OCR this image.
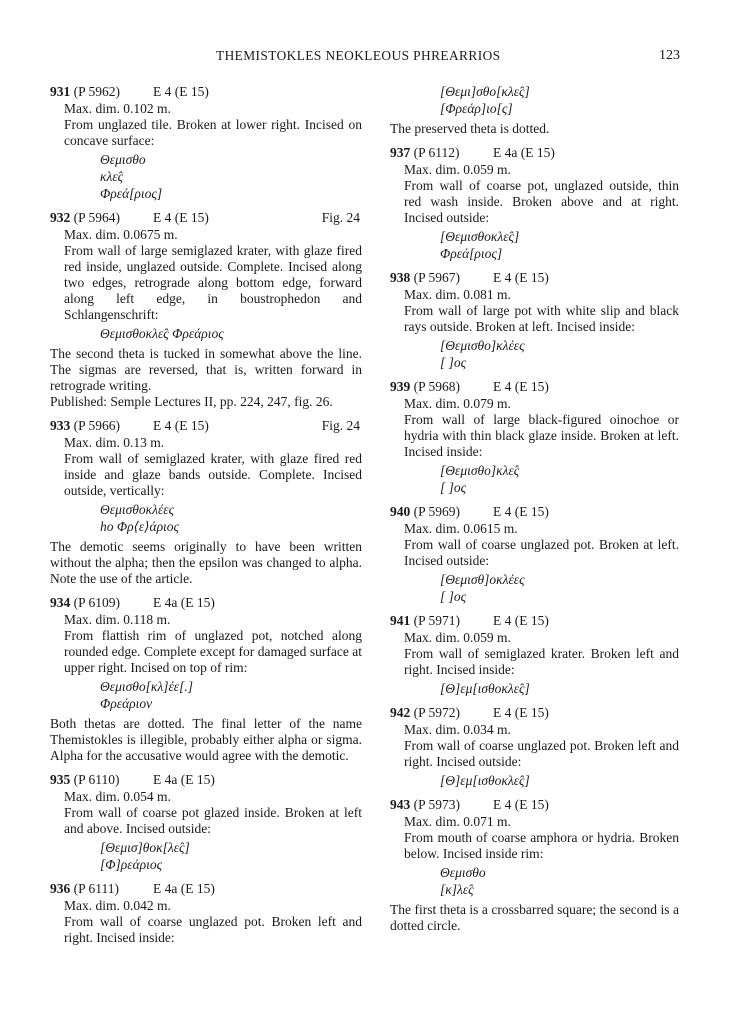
THEMISTOKLES NEOKLEOUS PHREARRIOS	123
931 (P 5962) E 4 (E 15)

Max. dim. 0.102 m.

From unglazed tile. Broken at lower right. Incised on concave surface:

Θεμισθο
κλε̂ς
Φρεά[ριος]
932 (P 5964) E 4 (E 15)	Fig. 24

Max. dim. 0.0675 m.

From wall of large semiglazed krater, with glaze fired red inside, unglazed outside. Complete. Incised along two edges, retrograde along bottom edge, forward along left edge, in boustrophedon and Schlangenschrift:

Θεμισθοκλε̂ς Φρεάριος

The second theta is tucked in somewhat above the line. The sigmas are reversed, that is, written forward in retrograde writing.

Published: Semple Lectures II, pp. 224, 247, fig. 26.

933 (P 5966) E 4 (E 15)	Fig. 24

Max. dim. 0.13 m.

From wall of semiglazed krater, with glaze fired red inside and glaze bands outside. Complete. Incised outside, vertically:

Θεμισθοκλέες
ho Φρ⟨ε⟩άριος

The demotic seems originally to have been written without the alpha; then the epsilon was changed to alpha. Note the use of the article.

934 (P 6109) E 4a (E 15)

Max. dim. 0.118 m.

From flattish rim of unglazed pot, notched along rounded edge. Complete except for damaged surface at upper right. Incised on top of rim:

Θεμισθο[κλ]έε[.]
Φρεάριον

Both thetas are dotted. The final letter of the name Themistokles is illegible, probably either alpha or sigma. Alpha for the accusative would agree with the demotic.

935 (P 6110) E 4a (E 15)

Max. dim. 0.054 m.

From wall of coarse pot glazed inside. Broken at left and above. Incised outside:

[Θεμισ]θοκ[λε̂ς]
[Φ]ρεάριος
936 (P 6111)	E 4a (E 15)

Max. dim. 0.042 m.

From wall of coarse unglazed pot. Broken left and right. Incised inside:

[Θεμι]σθο[κλε̂ς]
[Φρεάρ]ιο[ς]

The preserved theta is dotted.

937 (P 6112) E 4a (E 15)

Max. dim. 0.059 m.

From wall of coarse pot, unglazed outside, thin red wash inside. Broken above and at right. Incised outside:

[Θεμισθοκλε̂ς]
Φρεά[ριος]
938 (P 5967) E 4 (E 15)

Max. dim. 0.081 m.

From wall of large pot with white slip and black rays outside. Broken at left. Incised inside:

[Θεμισθο]κλέες
[ ]ος
939 (P 5968) E 4 (E 15)

Max. dim. 0.079 m.

From wall of large black-figured oinochoe or hydria with thin black glaze inside. Broken at left. Incised inside:

[Θεμισθο]κλε̂ς
[ ]ος
940 (P 5969) E 4 (E 15)

Max. dim. 0.0615 m.

From wall of coarse unglazed pot. Broken at left. Incised outside:

[Θεμισθ]οκλέες
[ ]ος
941 (P 5971) E 4 (E 15)

Max. dim. 0.059 m.

From wall of semiglazed krater. Broken left and right. Incised inside:

[Θ]εμ[ισθοκλε̂ς]
942 (P 5972) E 4 (E 15)

Max. dim. 0.034 m.

From wall of coarse unglazed pot. Broken left and right. Incised outside:

[Θ]εμ[ισθοκλε̂ς]
943 (P 5973) E 4 (E 15)

Max. dim. 0.071 m.

From mouth of coarse amphora or hydria. Broken below. Incised inside rim:

Θεμισθο
[κ]λε̂ς

The first theta is a crossbarred square; the second is a dotted circle.
